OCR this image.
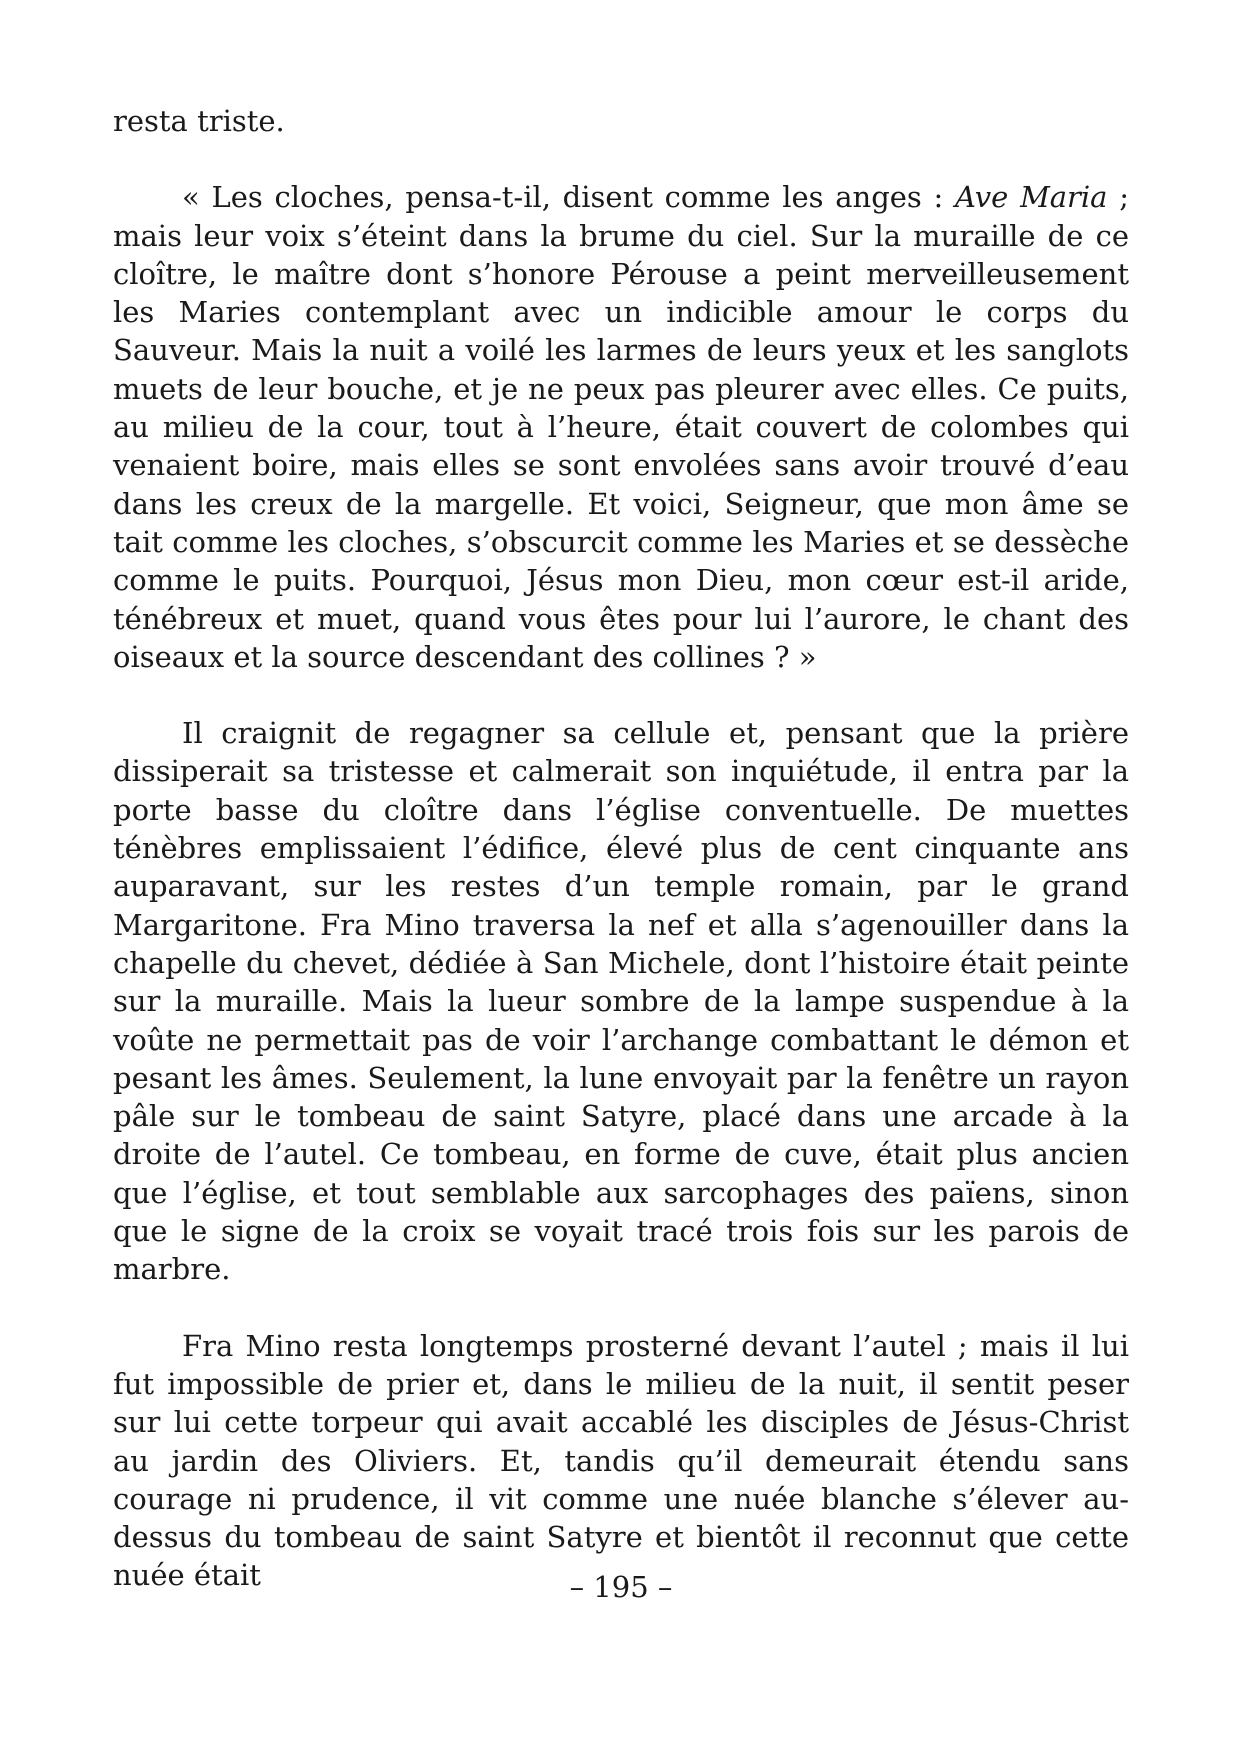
resta triste.

« Les cloches, pensa-t-il, disent comme les anges : Ave Maria ; mais leur voix s’éteint dans la brume du ciel. Sur la muraille de ce cloître, le maître dont s’honore Pérouse a peint merveilleusement les Maries contemplant avec un indicible amour le corps du Sauveur. Mais la nuit a voilé les larmes de leurs yeux et les sanglots muets de leur bouche, et je ne peux pas pleurer avec elles. Ce puits, au milieu de la cour, tout à l’heure, était couvert de colombes qui venaient boire, mais elles se sont envolées sans avoir trouvé d’eau dans les creux de la margelle. Et voici, Seigneur, que mon âme se tait comme les cloches, s’obscurcit comme les Maries et se dessèche comme le puits. Pourquoi, Jésus mon Dieu, mon cœur est-il aride, ténébreux et muet, quand vous êtes pour lui l’aurore, le chant des oiseaux et la source descendant des collines ? »

Il craignit de regagner sa cellule et, pensant que la prière dissiperait sa tristesse et calmerait son inquiétude, il entra par la porte basse du cloître dans l’église conventuelle. De muettes ténèbres emplissaient l’édifice, élevé plus de cent cinquante ans auparavant, sur les restes d’un temple romain, par le grand Margaritone. Fra Mino traversa la nef et alla s’agenouiller dans la chapelle du chevet, dédiée à San Michele, dont l’histoire était peinte sur la muraille. Mais la lueur sombre de la lampe suspendue à la voûte ne permettait pas de voir l’archange combattant le démon et pesant les âmes. Seulement, la lune envoyait par la fenêtre un rayon pâle sur le tombeau de saint Satyre, placé dans une arcade à la droite de l’autel. Ce tombeau, en forme de cuve, était plus ancien que l’église, et tout semblable aux sarcophages des païens, sinon que le signe de la croix se voyait tracé trois fois sur les parois de marbre.

Fra Mino resta longtemps prosterné devant l’autel ; mais il lui fut impossible de prier et, dans le milieu de la nuit, il sentit peser sur lui cette torpeur qui avait accablé les disciples de Jésus-Christ au jardin des Oliviers. Et, tandis qu’il demeurait étendu sans courage ni prudence, il vit comme une nuée blanche s’élever au-dessus du tombeau de saint Satyre et bientôt il reconnut que cette nuée était	– 195 –
